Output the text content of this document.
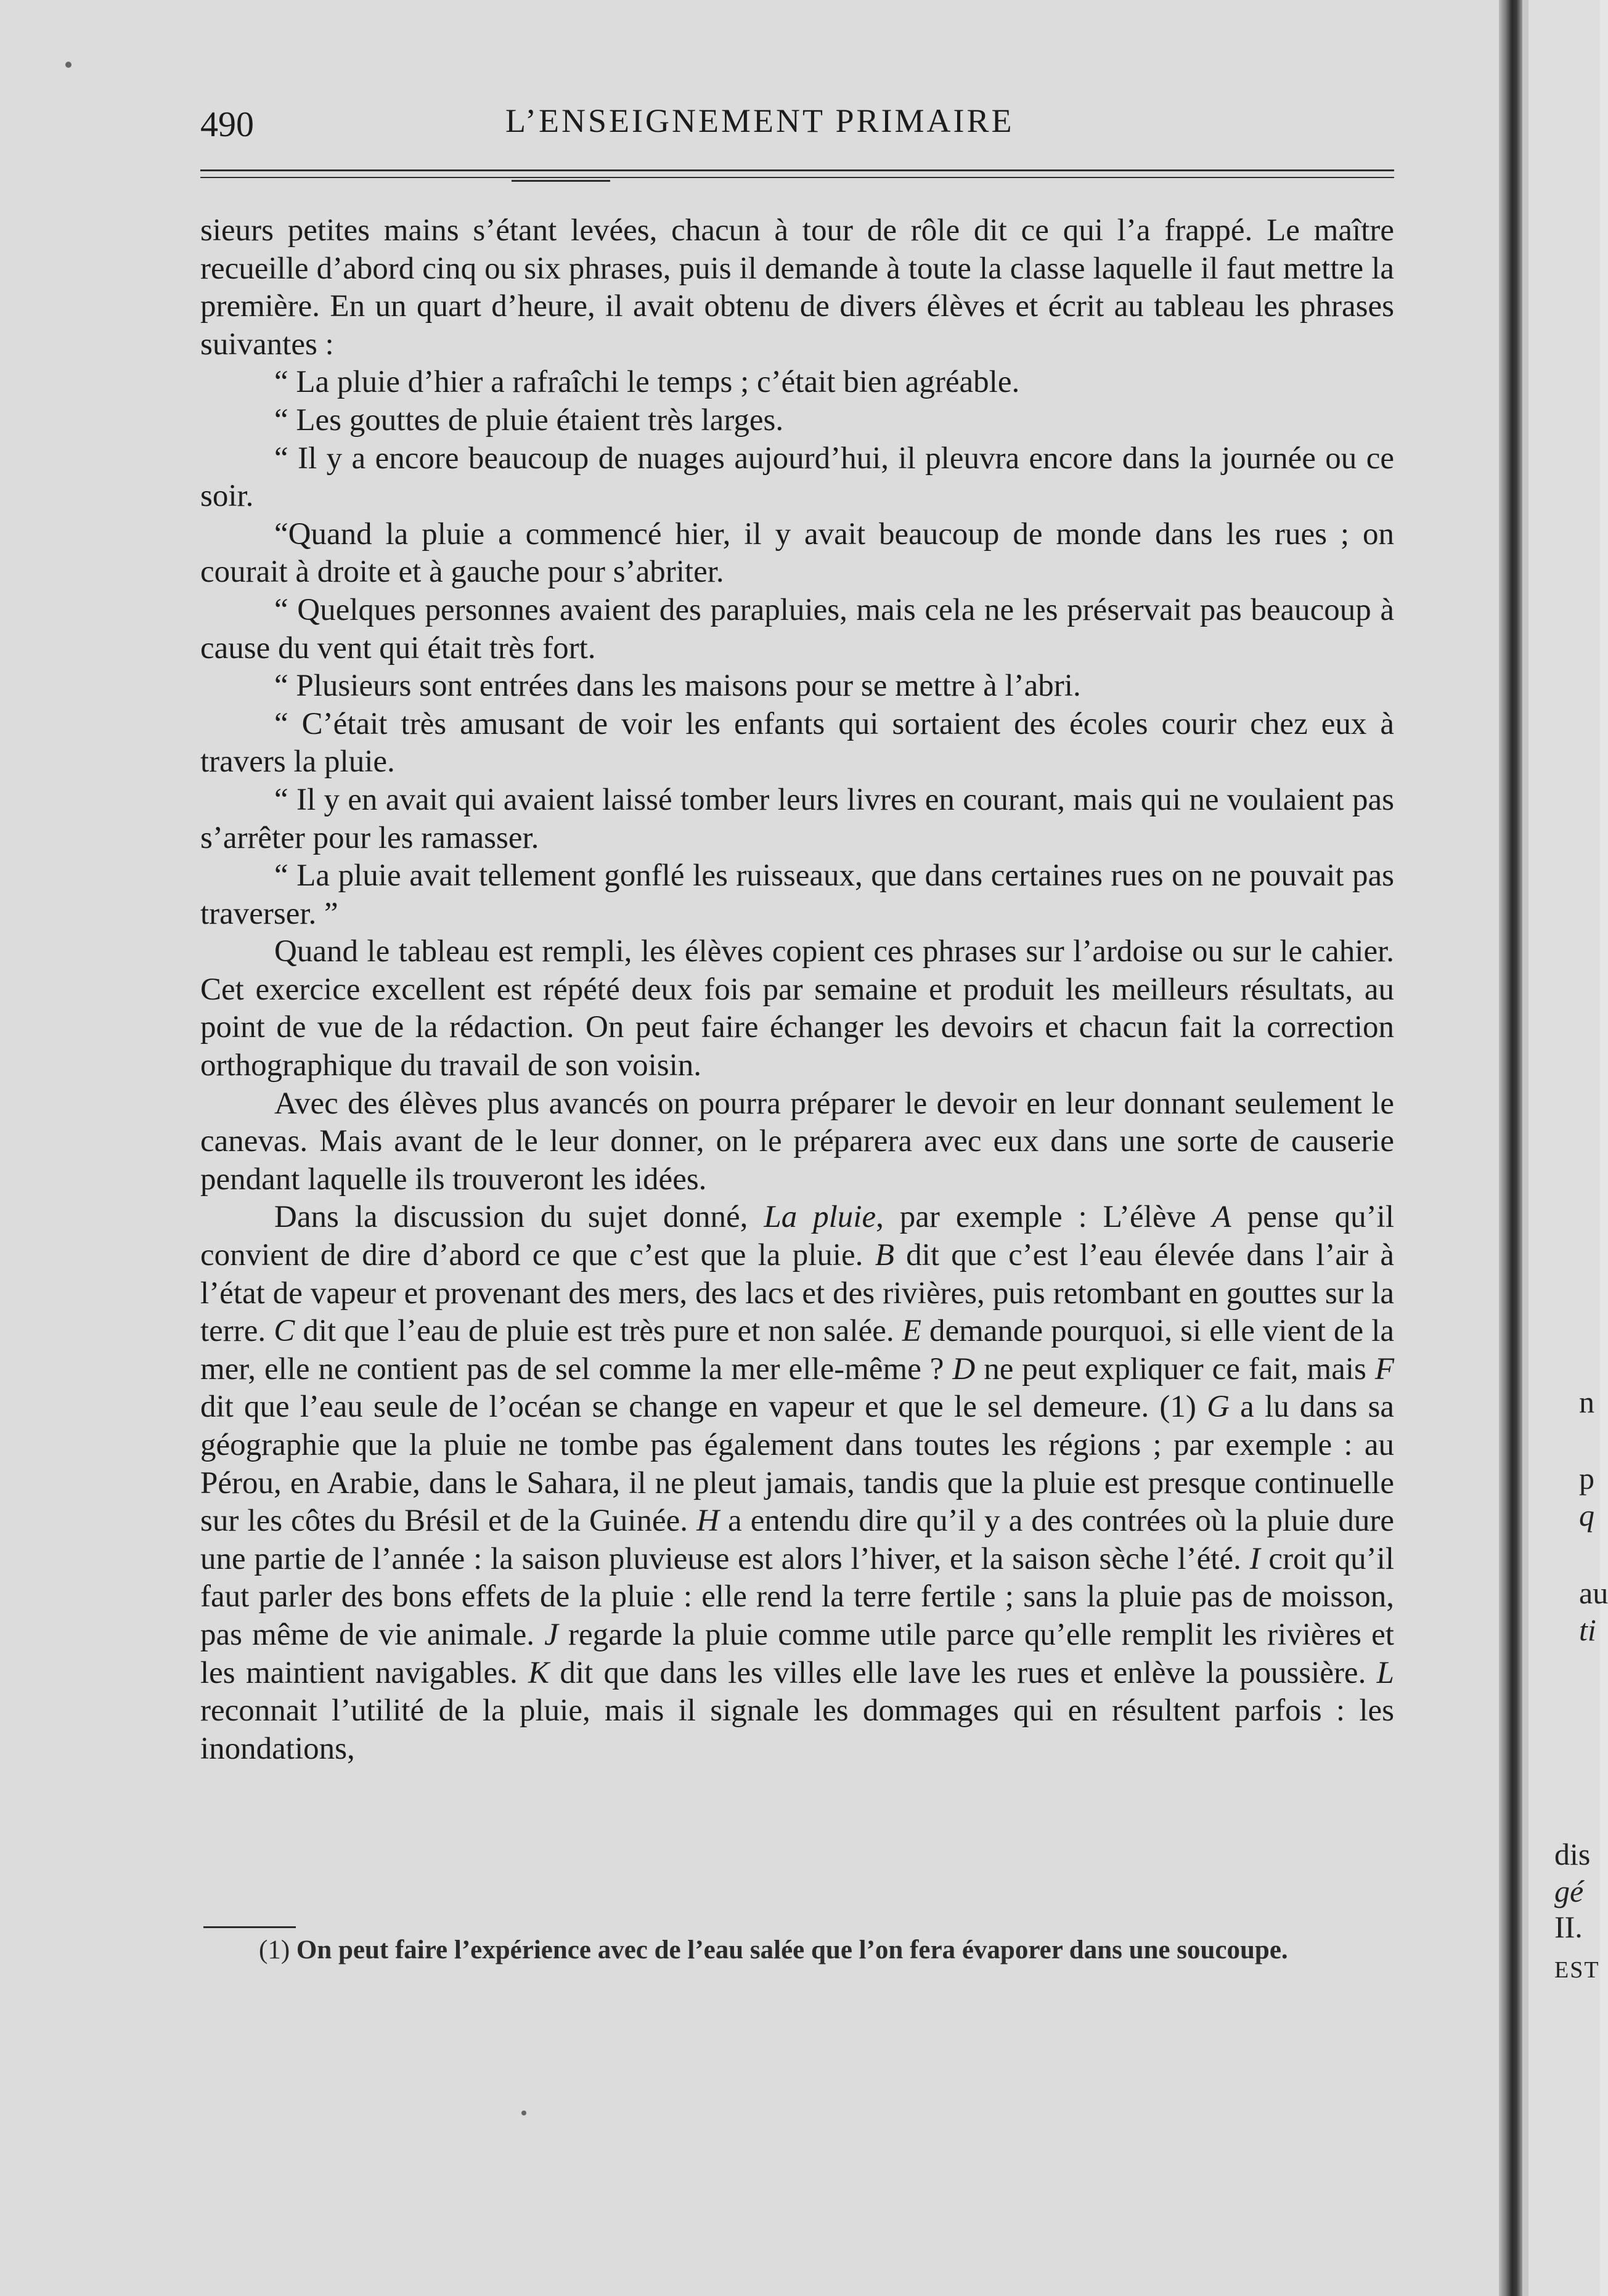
490	L’ENSEIGNEMENT PRIMAIRE

sieurs petites mains s’étant levées, chacun à tour de rôle dit ce qui l’a frappé. Le maître recueille d’abord cinq ou six phrases, puis il demande à toute la classe laquelle il faut mettre la première. En un quart d’heure, il avait obtenu de divers élèves et écrit au tableau les phrases suivantes :

“ La pluie d’hier a rafraîchi le temps ; c’était bien agréable.

“ Les gouttes de pluie étaient très larges.

“ Il y a encore beaucoup de nuages aujourd’hui, il pleuvra encore dans la journée ou ce soir.

“Quand la pluie a commencé hier, il y avait beaucoup de monde dans les rues ; on courait à droite et à gauche pour s’abriter.

“ Quelques personnes avaient des parapluies, mais cela ne les préservait pas beaucoup à cause du vent qui était très fort.

“ Plusieurs sont entrées dans les maisons pour se mettre à l’abri.

“ C’était très amusant de voir les enfants qui sortaient des écoles courir chez eux à travers la pluie.

“ Il y en avait qui avaient laissé tomber leurs livres en courant, mais qui ne voulaient pas s’arrêter pour les ramasser.

“ La pluie avait tellement gonflé les ruisseaux, que dans certaines rues on ne pouvait pas traverser. ”

Quand le tableau est rempli, les élèves copient ces phrases sur l’ardoise ou sur le cahier. Cet exercice excellent est répété deux fois par semaine et produit les meilleurs résultats, au point de vue de la rédaction. On peut faire échanger les devoirs et chacun fait la correction orthographique du travail de son voisin.

Avec des élèves plus avancés on pourra préparer le devoir en leur donnant seulement le canevas. Mais avant de le leur donner, on le préparera avec eux dans une sorte de causerie pendant laquelle ils trouveront les idées.

Dans la discussion du sujet donné, La pluie, par exemple : L’élève A pense qu’il convient de dire d’abord ce que c’est que la pluie. B dit que c’est l’eau élevée dans l’air à l’état de vapeur et provenant des mers, des lacs et des rivières, puis retombant en gouttes sur la terre. C dit que l’eau de pluie est très pure et non salée. E demande pourquoi, si elle vient de la mer, elle ne contient pas de sel comme la mer elle-même ? D ne peut expliquer ce fait, mais F dit que l’eau seule de l’océan se change en vapeur et que le sel demeure. (1) G a lu dans sa géographie que la pluie ne tombe pas également dans toutes les régions ; par exemple : au Pérou, en Arabie, dans le Sahara, il ne pleut jamais, tandis que la pluie est presque continuelle sur les côtes du Brésil et de la Guinée. H a entendu dire qu’il y a des contrées où la pluie dure une partie de l’année : la saison pluvieuse est alors l’hiver, et la saison sèche l’été. I croit qu’il faut parler des bons effets de la pluie : elle rend la terre fertile ; sans la pluie pas de moisson, pas même de vie animale. J regarde la pluie comme utile parce qu’elle remplit les rivières et les maintient navigables. K dit que dans les villes elle lave les rues et enlève la poussière. L reconnait l’utilité de la pluie, mais il signale les dommages qui en résultent parfois : les inondations,

(1) On peut faire l’expérience avec de l’eau salée que l’on fera évaporer dans une soucoupe.
n
p
q
au
ti
dis
gé
II.
EST
